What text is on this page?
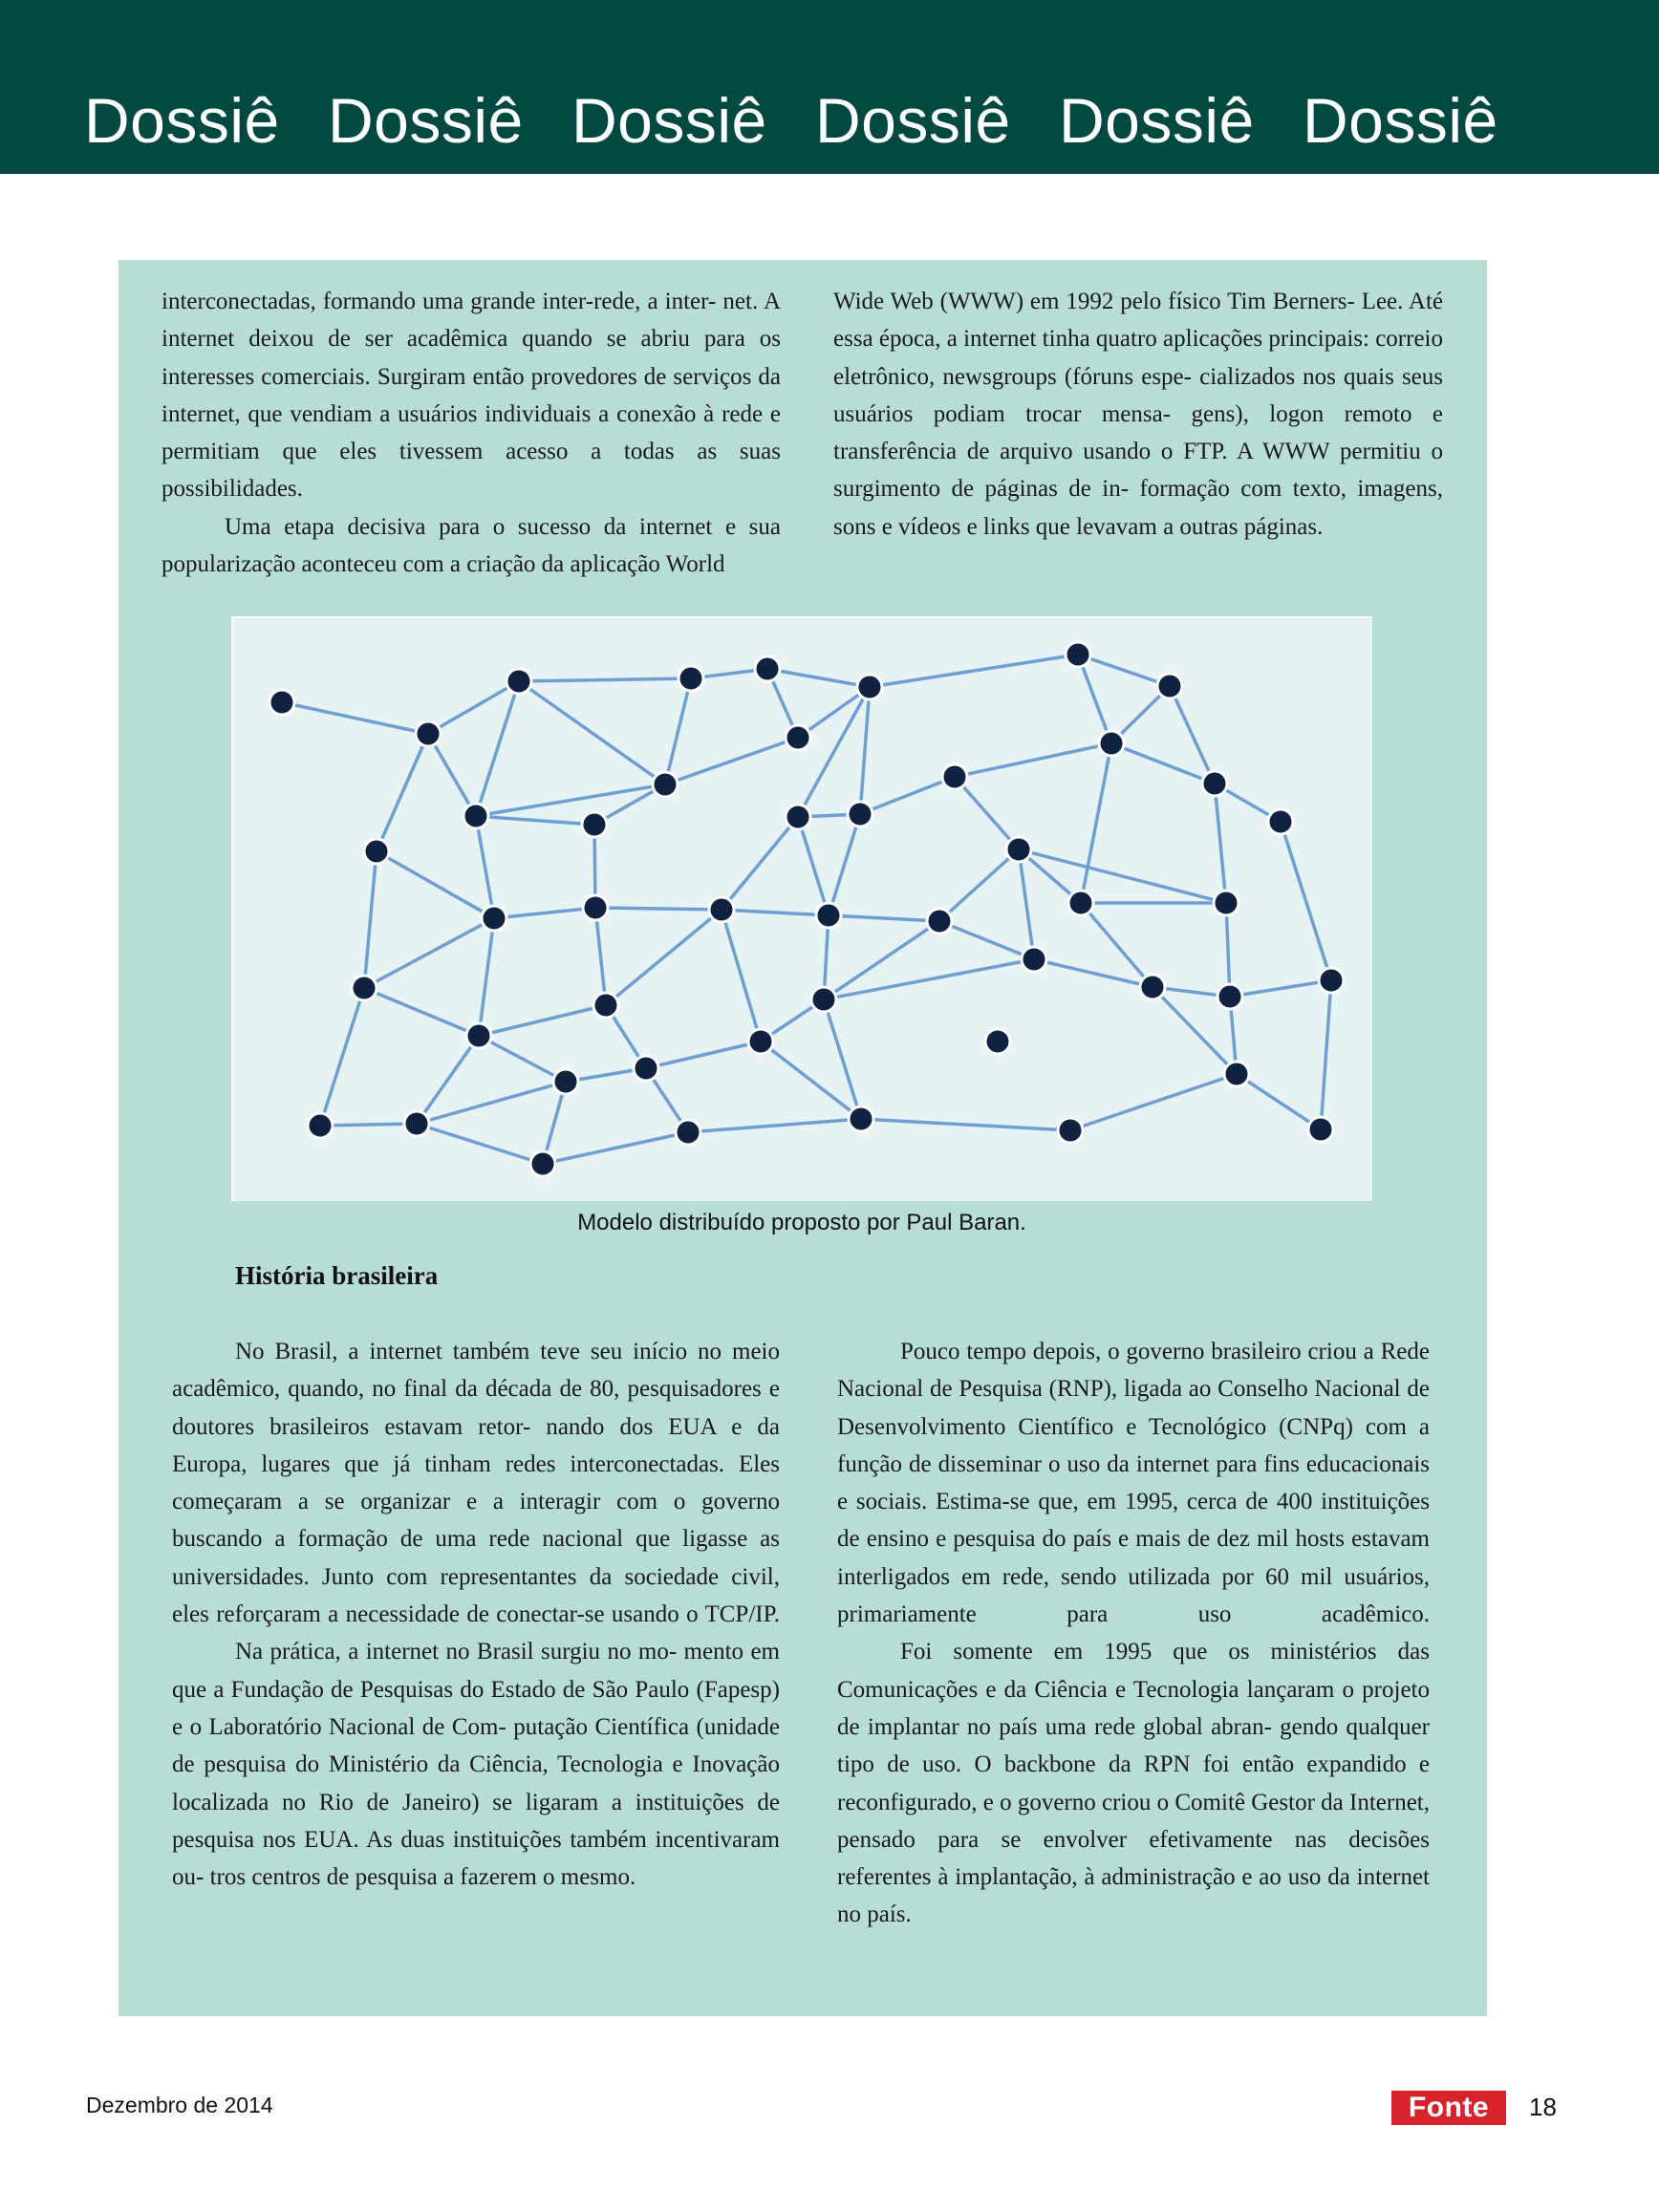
Dossiê Dossiê Dossiê Dossiê Dossiê Dossiê

interconectadas, formando uma grande inter-rede, a inter- net. A internet deixou de ser acadêmica quando se abriu para os interesses comerciais. Surgiram então provedores de serviços da internet, que vendiam a usuários individuais a conexão à rede e permitiam que eles tivessem acesso a todas as suas possibilidades.

Uma etapa decisiva para o sucesso da internet e sua popularização aconteceu com a criação da aplicação World

Wide Web (WWW) em 1992 pelo físico Tim Berners- Lee. Até essa época, a internet tinha quatro aplicações principais: correio eletrônico, newsgroups (fóruns espe- cializados nos quais seus usuários podiam trocar mensa- gens), logon remoto e transferência de arquivo usando o FTP. A WWW permitiu o surgimento de páginas de in- formação com texto, imagens, sons e vídeos e links que levavam a outras páginas.

Modelo distribuído proposto por Paul Baran.
História brasileira

No Brasil, a internet também teve seu início no meio acadêmico, quando, no final da década de 80, pesquisadores e doutores brasileiros estavam retor- nando dos EUA e da Europa, lugares que já tinham redes interconectadas. Eles começaram a se organizar e a interagir com o governo buscando a formação de uma rede nacional que ligasse as universidades. Junto com representantes da sociedade civil, eles reforçaram a necessidade de conectar-se usando o TCP/IP.

Na prática, a internet no Brasil surgiu no mo- mento em que a Fundação de Pesquisas do Estado de São Paulo (Fapesp) e o Laboratório Nacional de Com- putação Científica (unidade de pesquisa do Ministério da Ciência, Tecnologia e Inovação localizada no Rio de Janeiro) se ligaram a instituições de pesquisa nos EUA. As duas instituições também incentivaram ou- tros centros de pesquisa a fazerem o mesmo.

Pouco tempo depois, o governo brasileiro criou a Rede Nacional de Pesquisa (RNP), ligada ao Conselho Nacional de Desenvolvimento Científico e Tecnológico (CNPq) com a função de disseminar o uso da internet para fins educacionais e sociais. Estima-se que, em 1995, cerca de 400 instituições de ensino e pesquisa do país e mais de dez mil hosts estavam interligados em rede, sendo utilizada por 60 mil usuários, primariamente para uso acadêmico.

Foi somente em 1995 que os ministérios das Comunicações e da Ciência e Tecnologia lançaram o projeto de implantar no país uma rede global abran- gendo qualquer tipo de uso. O backbone da RPN foi então expandido e reconfigurado, e o governo criou o Comitê Gestor da Internet, pensado para se envolver efetivamente nas decisões referentes à implantação, à administração e ao uso da internet no país.

Dezembro de 2014	Fonte	18
